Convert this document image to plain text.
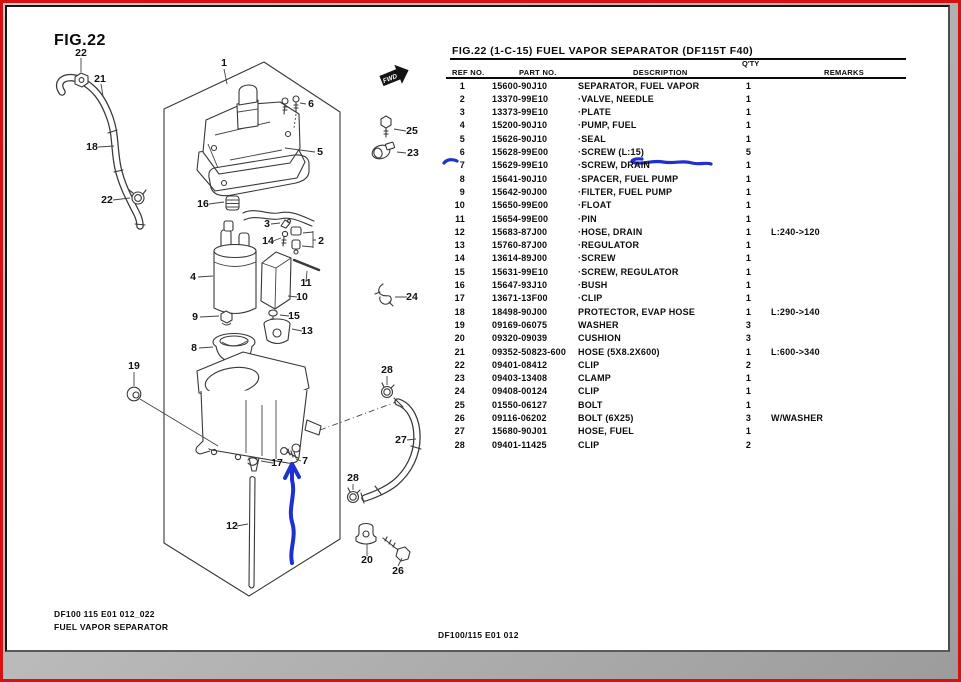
FWD
22
21
18
22
1
6
25
23
5
16
3
14	2
4	11
10
9	15
13
8
24
19	28
27
17 7
12
28
20
26
FIG.22
FIG.22 (1-C-15) FUEL VAPOR SEPARATOR (DF115T F40)
Q'TY
REF NO.	PART NO.	DESCRIPTION	REMARKS
1	15600-90J10	SEPARATOR, FUEL VAPOR	1
2	13370-99E10	·VALVE, NEEDLE	1
3	13373-99E10	·PLATE	1
4	15200-90J10	·PUMP, FUEL	1
5	15626-90J10	·SEAL	1
6	15628-99E00	·SCREW (L:15)	5
7	15629-99E10	·SCREW, DRAIN	1
8	15641-90J10	·SPACER, FUEL PUMP	1
9	15642-90J00	·FILTER, FUEL PUMP	1
10	15650-99E00	·FLOAT	1
11	15654-99E00	·PIN	1
12	15683-87J00	·HOSE, DRAIN	1	L:240->120
13	15760-87J00	·REGULATOR	1
14	13614-89J00	·SCREW	1
15	15631-99E10	·SCREW, REGULATOR	1
16	15647-93J10	·BUSH	1
17	13671-13F00	·CLIP	1
18	18498-90J00	PROTECTOR, EVAP HOSE	1	L:290->140
19	09169-06075	WASHER	3
20	09320-09039	CUSHION	3
21	09352-50823-600 HOSE (5X8.2X600)	1	L:600->340
22	09401-08412	CLIP	2
23	09403-13408	CLAMP	1
24	09408-00124	CLIP	1
25	01550-06127	BOLT	1
26	09116-06202	BOLT (6X25)	3	W/WASHER
27	15680-90J01	HOSE, FUEL	1
28	09401-11425	CLIP	2
DF100 115 E01 012_022
FUEL VAPOR SEPARATOR
DF100/115 E01 012
